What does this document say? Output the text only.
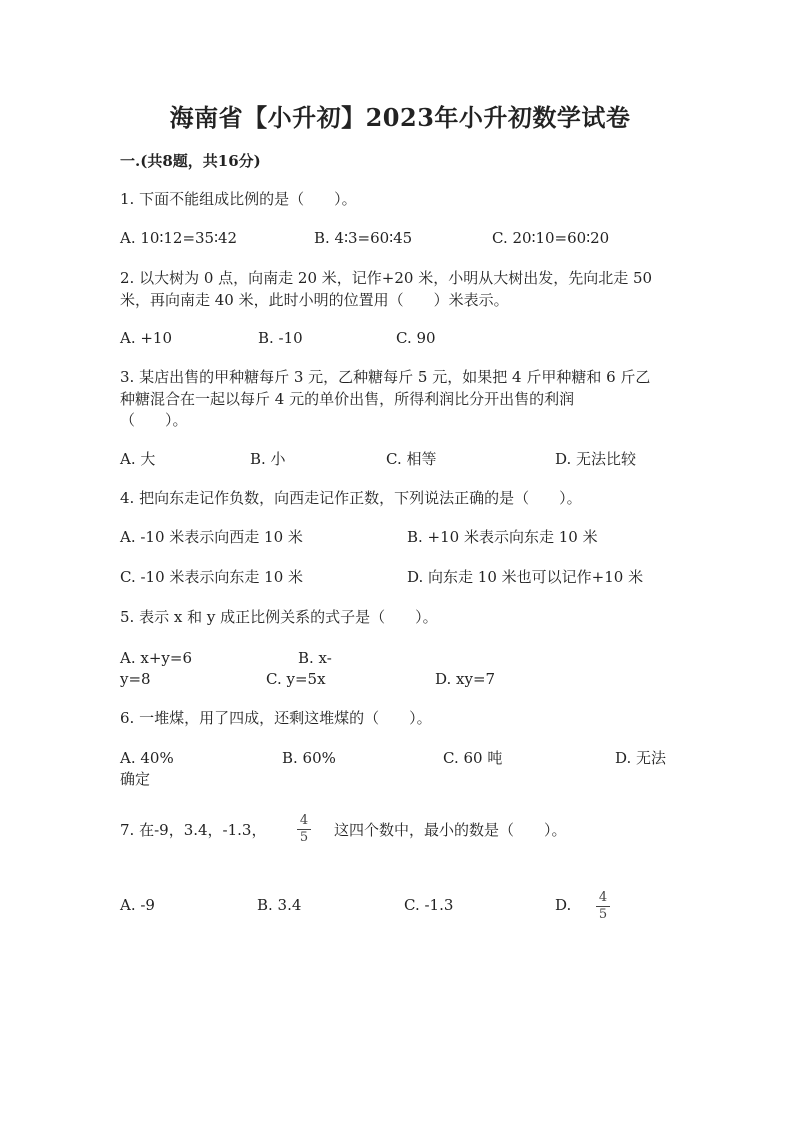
海南省【小升初】2023年小升初数学试卷
一.(共8题，共16分)
1. 下面不能组成比例的是（　　）。
A. 10∶12=35∶42	B. 4∶3=60∶45	C. 20∶10=60∶20
2. 以大树为 0 点，向南走 20 米，记作+20 米，小明从大树出发，先向北走 50
米，再向南走 40 米，此时小明的位置用（　　）米表示。
A. +10	B. -10	C. 90
3. 某店出售的甲种糖每斤 3 元，乙种糖每斤 5 元，如果把 4 斤甲种糖和 6 斤乙
种糖混合在一起以每斤 4 元的单价出售，所得利润比分开出售的利润
（　　）。
A. 大	B. 小	C. 相等	D. 无法比较
4. 把向东走记作负数，向西走记作正数，下列说法正确的是（　　）。
A. -10 米表示向西走 10 米	B. +10 米表示向东走 10 米
C. -10 米表示向东走 10 米	D. 向东走 10 米也可以记作+10 米
5. 表示 x 和 y 成正比例关系的式子是（　　）。
A. x+y=6	B. x-
y=8	C. y=5x	D. xy=7
6. 一堆煤，用了四成，还剩这堆煤的（　　）。
A. 40%	B. 60%	C. 60 吨	D. 无法
确定
7. 在-9，3.4，-1.3，
4
5 这四个数中，最小的数是（　　）。
A. -9	B. 3.4	C. -1.3	D. 4
5
